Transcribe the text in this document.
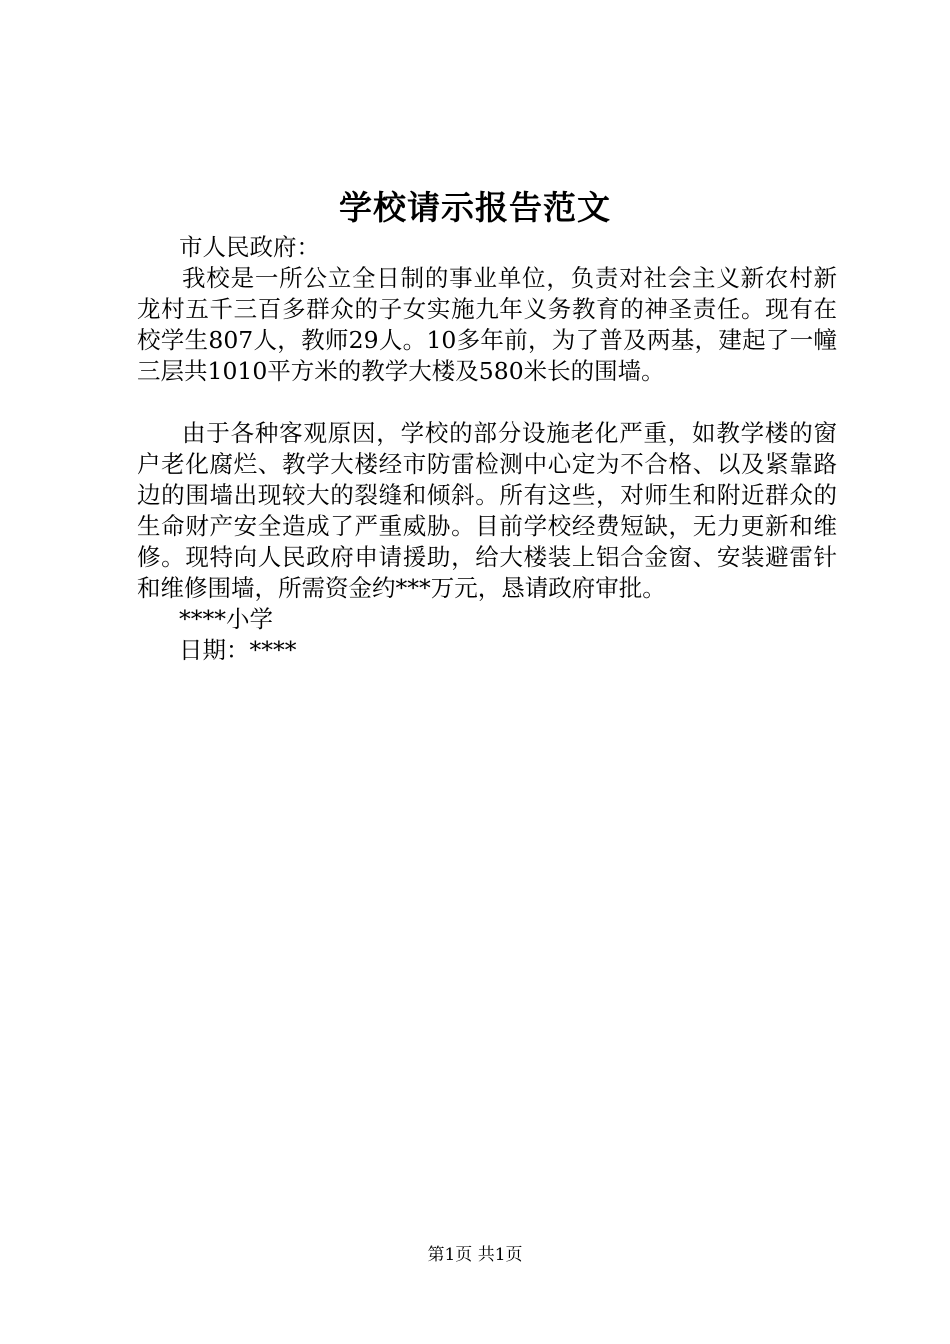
学校请示报告范文

市人民政府：

我校是一所公立全日制的事业单位，负责对社会主义新农村新龙村五千三百多群众的子女实施九年义务教育的神圣责任。现有在校学生807人，教师29人。10多年前，为了普及两基，建起了一幢三层共1010平方米的教学大楼及580米长的围墙。

由于各种客观原因，学校的部分设施老化严重，如教学楼的窗户老化腐烂、教学大楼经市防雷检测中心定为不合格、以及紧靠路边的围墙出现较大的裂缝和倾斜。所有这些，对师生和附近群众的生命财产安全造成了严重威胁。目前学校经费短缺，无力更新和维修。现特向人民政府申请援助，给大楼装上铝合金窗、安装避雷针和维修围墙，所需资金约***万元，恳请政府审批。

****小学

日期：****

第1页 共1页
